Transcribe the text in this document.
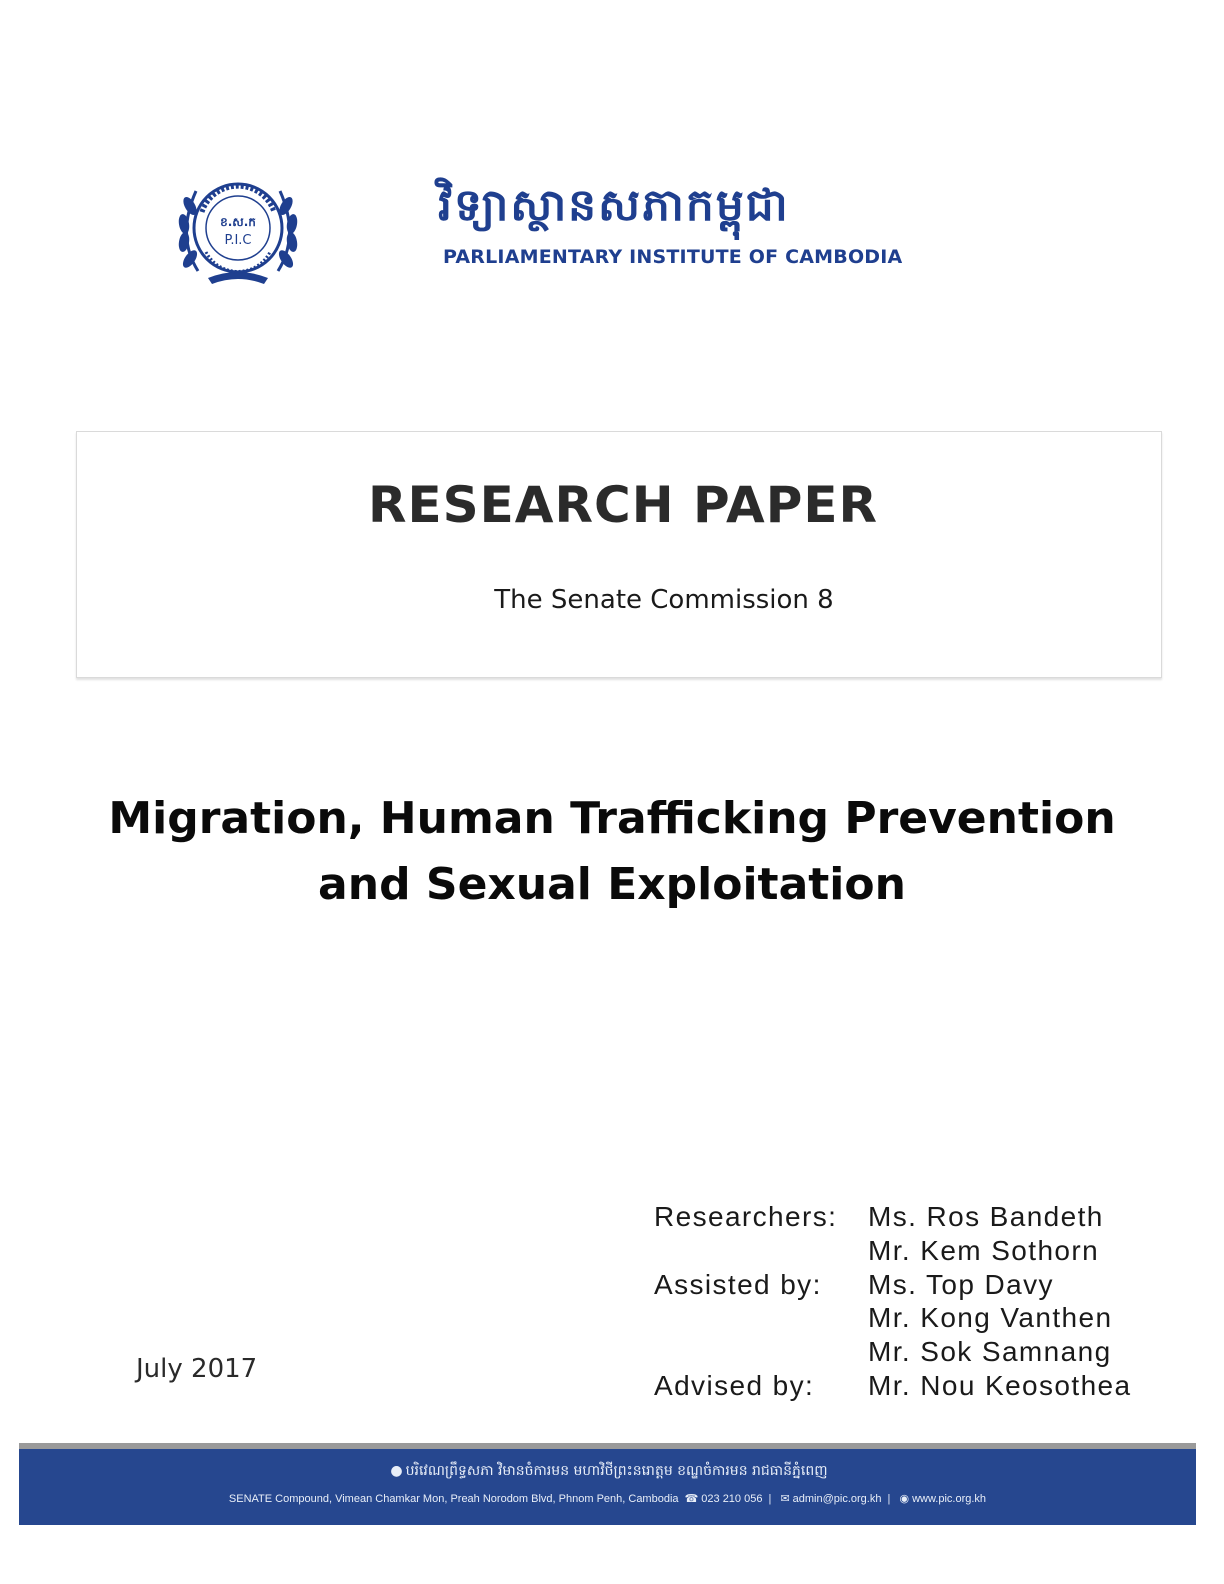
ខ.ស.ក
P.I.C
វិទ្យាស្ថានសភាកម្ពុជា
PARLIAMENTARY INSTITUTE OF CAMBODIA
RESEARCH PAPER
The Senate Commission 8
Migration, Human Trafficking Prevention
and Sexual Exploitation
July 2017
Researchers:	Ms. Ros Bandeth
Mr. Kem Sothorn
Assisted by:	Ms. Top Davy
Mr. Kong Vanthen
Mr. Sok Samnang
Advised by:	Mr. Nou Keosothea
● បរិវេណព្រឹទ្ធសភា វិមានចំការមន មហាវិថីព្រះនរោត្តម ខណ្ឌចំការមន រាជធានីភ្នំពេញ
SENATE Compound, Vimean Chamkar Mon, Preah Norodom Blvd, Phnom Penh, Cambodia ☎ 023 210 056 | ✉ admin@pic.org.kh | ◉ www.pic.org.kh
